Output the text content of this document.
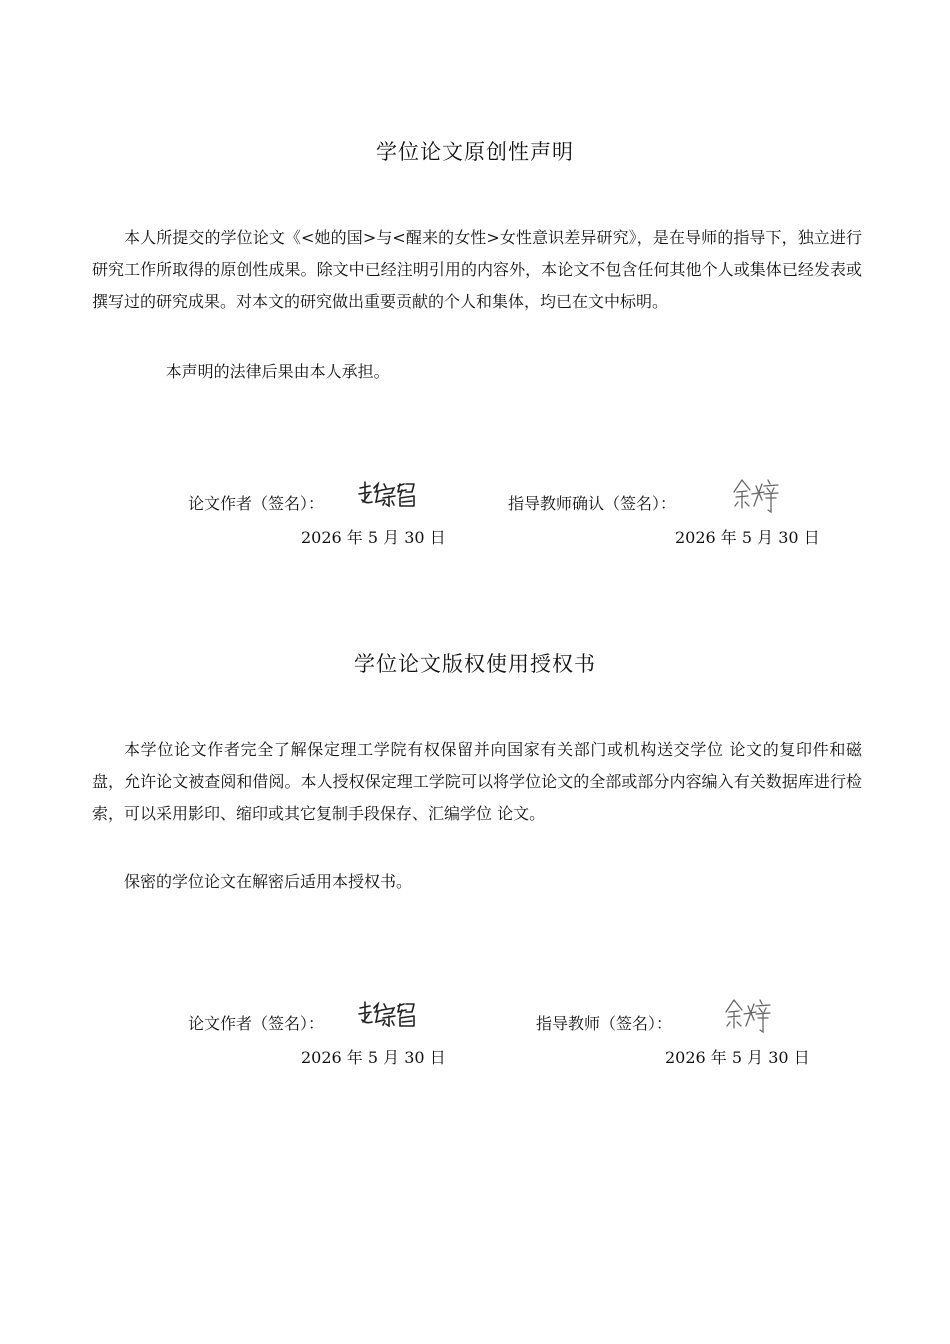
学位论文原创性声明

本人所提交的学位论文《<她的国>与<醒来的女性>女性意识差异研究》，是在导师的指导下，独立进行研究工作所取得的原创性成果。除文中已经注明引用的内容外，本论文不包含任何其他个人或集体已经发表或撰写过的研究成果。对本文的研究做出重要贡献的个人和集体，均已在文中标明。

本声明的法律后果由本人承担。

论文作者（签名）：
2026 年 5 月 30 日
指导教师确认（签名）：
2026 年 5 月 30 日
学位论文版权使用授权书

本学位论文作者完全了解保定理工学院有权保留并向国家有关部门或机构送交学位 论文的复印件和磁盘，允许论文被查阅和借阅。本人授权保定理工学院可以将学位论文的全部或部分内容编入有关数据库进行检索，可以采用影印、缩印或其它复制手段保存、汇编学位 论文。

保密的学位论文在解密后适用本授权书。

论文作者（签名）：
2026 年 5 月 30 日
指导教师（签名）：
2026 年 5 月 30 日
